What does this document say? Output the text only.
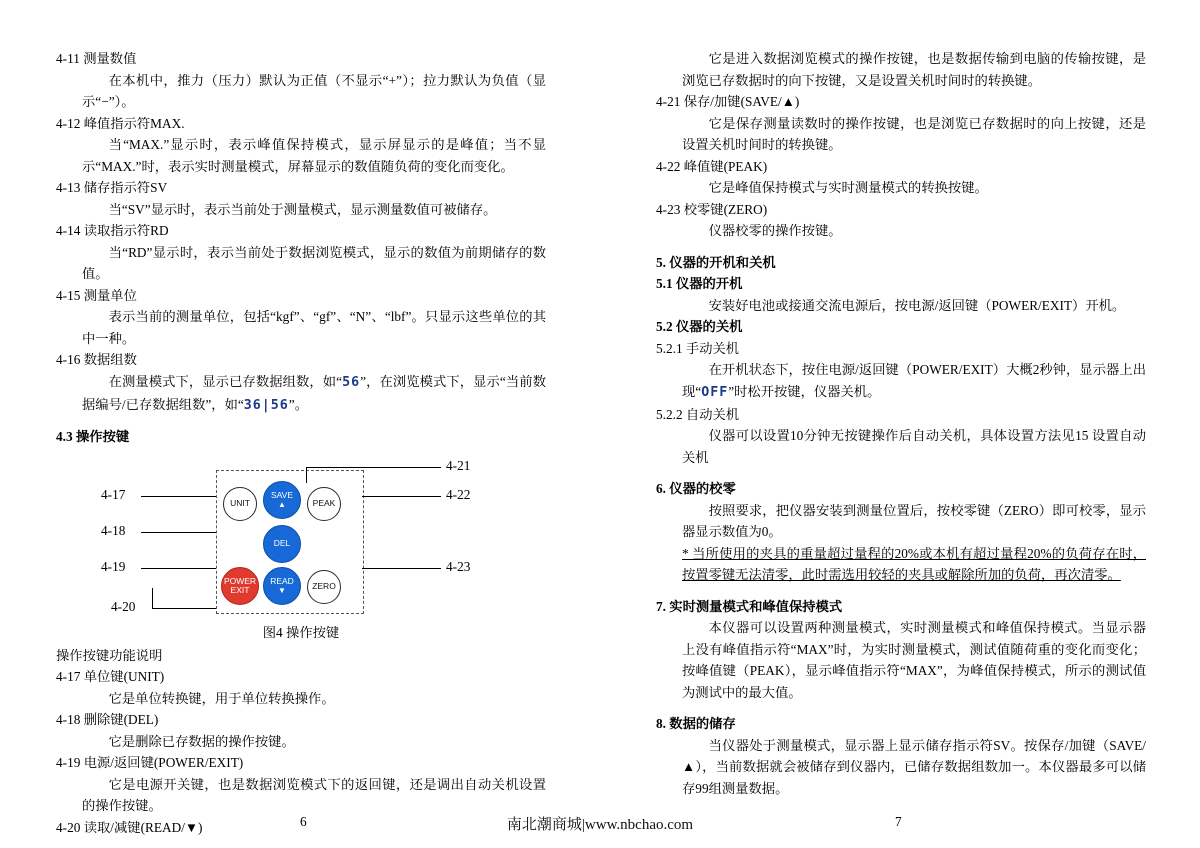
4-11 测量数值
在本机中，推力（压力）默认为正值（不显示“+”）；拉力默认为负值（显示“−”）。
4-12 峰值指示符MAX.
当“MAX.”显示时，表示峰值保持模式，显示屏显示的是峰值；当不显示“MAX.”时，表示实时测量模式，屏幕显示的数值随负荷的变化而变化。
4-13 储存指示符SV
当“SV”显示时，表示当前处于测量模式，显示测量数值可被储存。
4-14 读取指示符RD
当“RD”显示时，表示当前处于数据浏览模式，显示的数值为前期储存的数值。
4-15 测量单位
表示当前的测量单位，包括“kgf”、“gf”、“N”、“lbf”。只显示这些单位的其中一种。
4-16 数据组数
在测量模式下，显示已存数据组数，如“56”，在浏览模式下，显示“当前数据编号/已存数据组数”，如“36|56”。
4.3 操作按键
UNIT
SAVE
▲	PEAK
DEL
POWER
EXIT
READ
▼	ZERO
4-17
4-18
4-19
4-20
4-21
4-22
4-23
图4 操作按键
操作按键功能说明
4-17 单位键(UNIT)
它是单位转换键，用于单位转换操作。
4-18 删除键(DEL)
它是删除已存数据的操作按键。
4-19 电源/返回键(POWER/EXIT)
它是电源开关键，也是数据浏览模式下的返回键，还是调出自动关机设置的操作按键。
4-20 读取/减键(READ/▼)
它是进入数据浏览模式的操作按键，也是数据传输到电脑的传输按键，是浏览已存数据时的向下按键，又是设置关机时间时的转换键。
4-21 保存/加键(SAVE/▲)
它是保存测量读数时的操作按键，也是浏览已存数据时的向上按键，还是设置关机时间时的转换键。
4-22 峰值键(PEAK)
它是峰值保持模式与实时测量模式的转换按键。
4-23 校零键(ZERO)
仪器校零的操作按键。
5. 仪器的开机和关机
5.1 仪器的开机
安装好电池或接通交流电源后，按电源/返回键（POWER/EXIT）开机。
5.2 仪器的关机
5.2.1 手动关机
在开机状态下，按住电源/返回键（POWER/EXIT）大概2秒钟，显示器上出现“OFF”时松开按键，仪器关机。
5.2.2 自动关机
仪器可以设置10分钟无按键操作后自动关机，具体设置方法见15 设置自动关机
6. 仪器的校零
按照要求，把仪器安装到测量位置后，按校零键（ZERO）即可校零，显示器显示数值为0。
* 当所使用的夹具的重量超过量程的20%或本机有超过量程20%的负荷存在时，按置零键无法清零，此时需选用较轻的夹具或解除所加的负荷，再次清零。
7. 实时测量模式和峰值保持模式
本仪器可以设置两种测量模式，实时测量模式和峰值保持模式。当显示器上没有峰值指示符“MAX”时，为实时测量模式，测试值随荷重的变化而变化；按峰值键（PEAK），显示峰值指示符“MAX”，为峰值保持模式，所示的测试值为测试中的最大值。
8. 数据的储存
当仪器处于测量模式，显示器上显示储存指示符SV。按保存/加键（SAVE/▲），当前数据就会被储存到仪器内，已储存数据组数加一。本仪器最多可以储存99组测量数据。
6	7
南北潮商城|www.nbchao.com
